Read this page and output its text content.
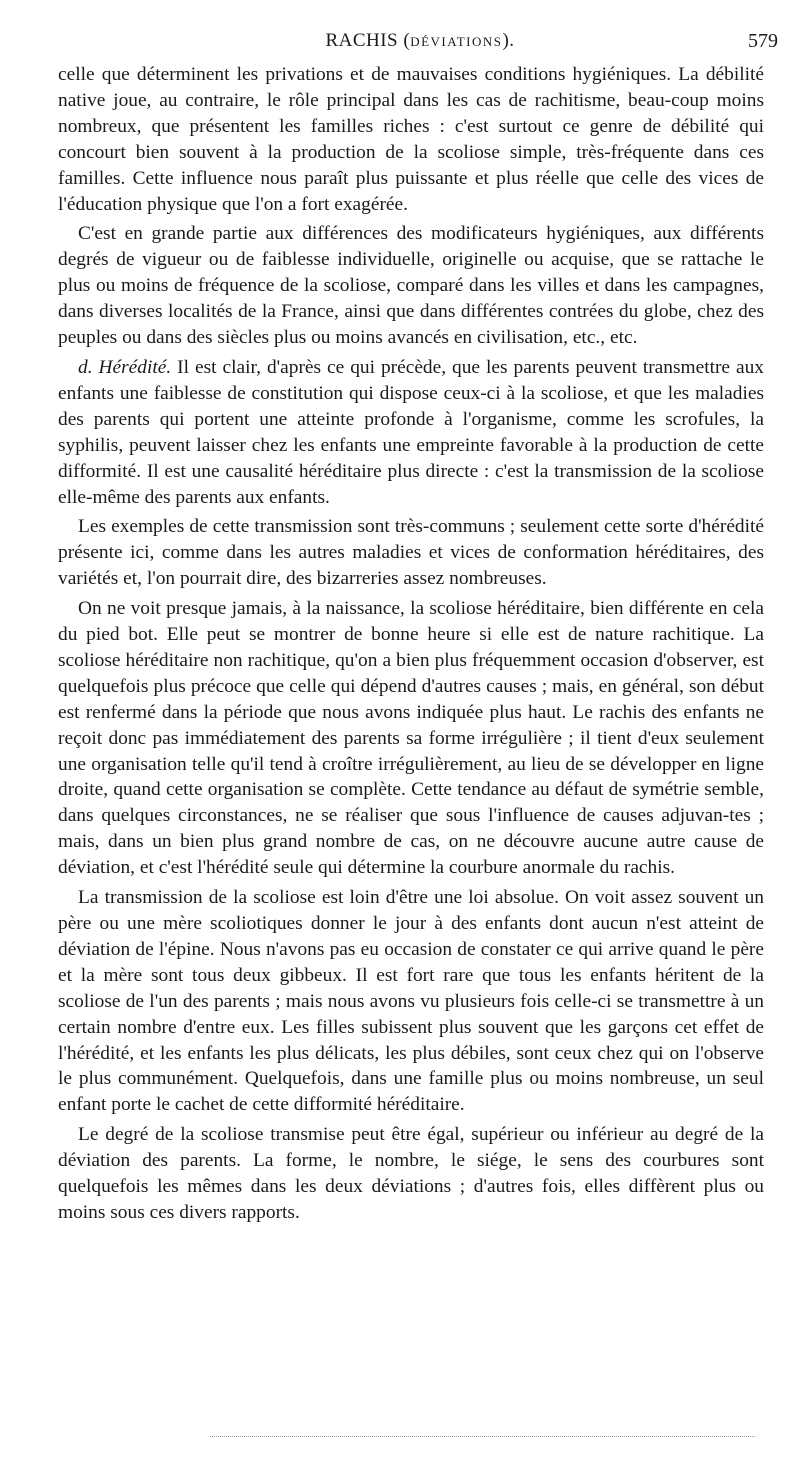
RACHIS (DÉVIATIONS).	579

celle que déterminent les privations et de mauvaises conditions hygiéniques. La débilité native joue, au contraire, le rôle principal dans les cas de rachitisme, beau-coup moins nombreux, que présentent les familles riches : c'est surtout ce genre de débilité qui concourt bien souvent à la production de la scoliose simple, très-fréquente dans ces familles. Cette influence nous paraît plus puissante et plus réelle que celle des vices de l'éducation physique que l'on a fort exagérée.

C'est en grande partie aux différences des modificateurs hygiéniques, aux différents degrés de vigueur ou de faiblesse individuelle, originelle ou acquise, que se rattache le plus ou moins de fréquence de la scoliose, comparé dans les villes et dans les campagnes, dans diverses localités de la France, ainsi que dans différentes contrées du globe, chez des peuples ou dans des siècles plus ou moins avancés en civilisation, etc., etc.

d. Hérédité. Il est clair, d'après ce qui précède, que les parents peuvent transmettre aux enfants une faiblesse de constitution qui dispose ceux-ci à la scoliose, et que les maladies des parents qui portent une atteinte profonde à l'organisme, comme les scrofules, la syphilis, peuvent laisser chez les enfants une empreinte favorable à la production de cette difformité. Il est une causalité héréditaire plus directe : c'est la transmission de la scoliose elle-même des parents aux enfants.

Les exemples de cette transmission sont très-communs ; seulement cette sorte d'hérédité présente ici, comme dans les autres maladies et vices de conformation héréditaires, des variétés et, l'on pourrait dire, des bizarreries assez nombreuses.

On ne voit presque jamais, à la naissance, la scoliose héréditaire, bien différente en cela du pied bot. Elle peut se montrer de bonne heure si elle est de nature rachitique. La scoliose héréditaire non rachitique, qu'on a bien plus fréquemment occasion d'observer, est quelquefois plus précoce que celle qui dépend d'autres causes ; mais, en général, son début est renfermé dans la période que nous avons indiquée plus haut. Le rachis des enfants ne reçoit donc pas immédiatement des parents sa forme irrégulière ; il tient d'eux seulement une organisation telle qu'il tend à croître irrégulièrement, au lieu de se développer en ligne droite, quand cette organisation se complète. Cette tendance au défaut de symétrie semble, dans quelques circonstances, ne se réaliser que sous l'influence de causes adjuvan-tes ; mais, dans un bien plus grand nombre de cas, on ne découvre aucune autre cause de déviation, et c'est l'hérédité seule qui détermine la courbure anormale du rachis.

La transmission de la scoliose est loin d'être une loi absolue. On voit assez souvent un père ou une mère scoliotiques donner le jour à des enfants dont aucun n'est atteint de déviation de l'épine. Nous n'avons pas eu occasion de constater ce qui arrive quand le père et la mère sont tous deux gibbeux. Il est fort rare que tous les enfants héritent de la scoliose de l'un des parents ; mais nous avons vu plusieurs fois celle-ci se transmettre à un certain nombre d'entre eux. Les filles subissent plus souvent que les garçons cet effet de l'hérédité, et les enfants les plus délicats, les plus débiles, sont ceux chez qui on l'observe le plus communément. Quelquefois, dans une famille plus ou moins nombreuse, un seul enfant porte le cachet de cette difformité héréditaire.

Le degré de la scoliose transmise peut être égal, supérieur ou inférieur au degré de la déviation des parents. La forme, le nombre, le siége, le sens des courbures sont quelquefois les mêmes dans les deux déviations ; d'autres fois, elles diffèrent plus ou moins sous ces divers rapports.
